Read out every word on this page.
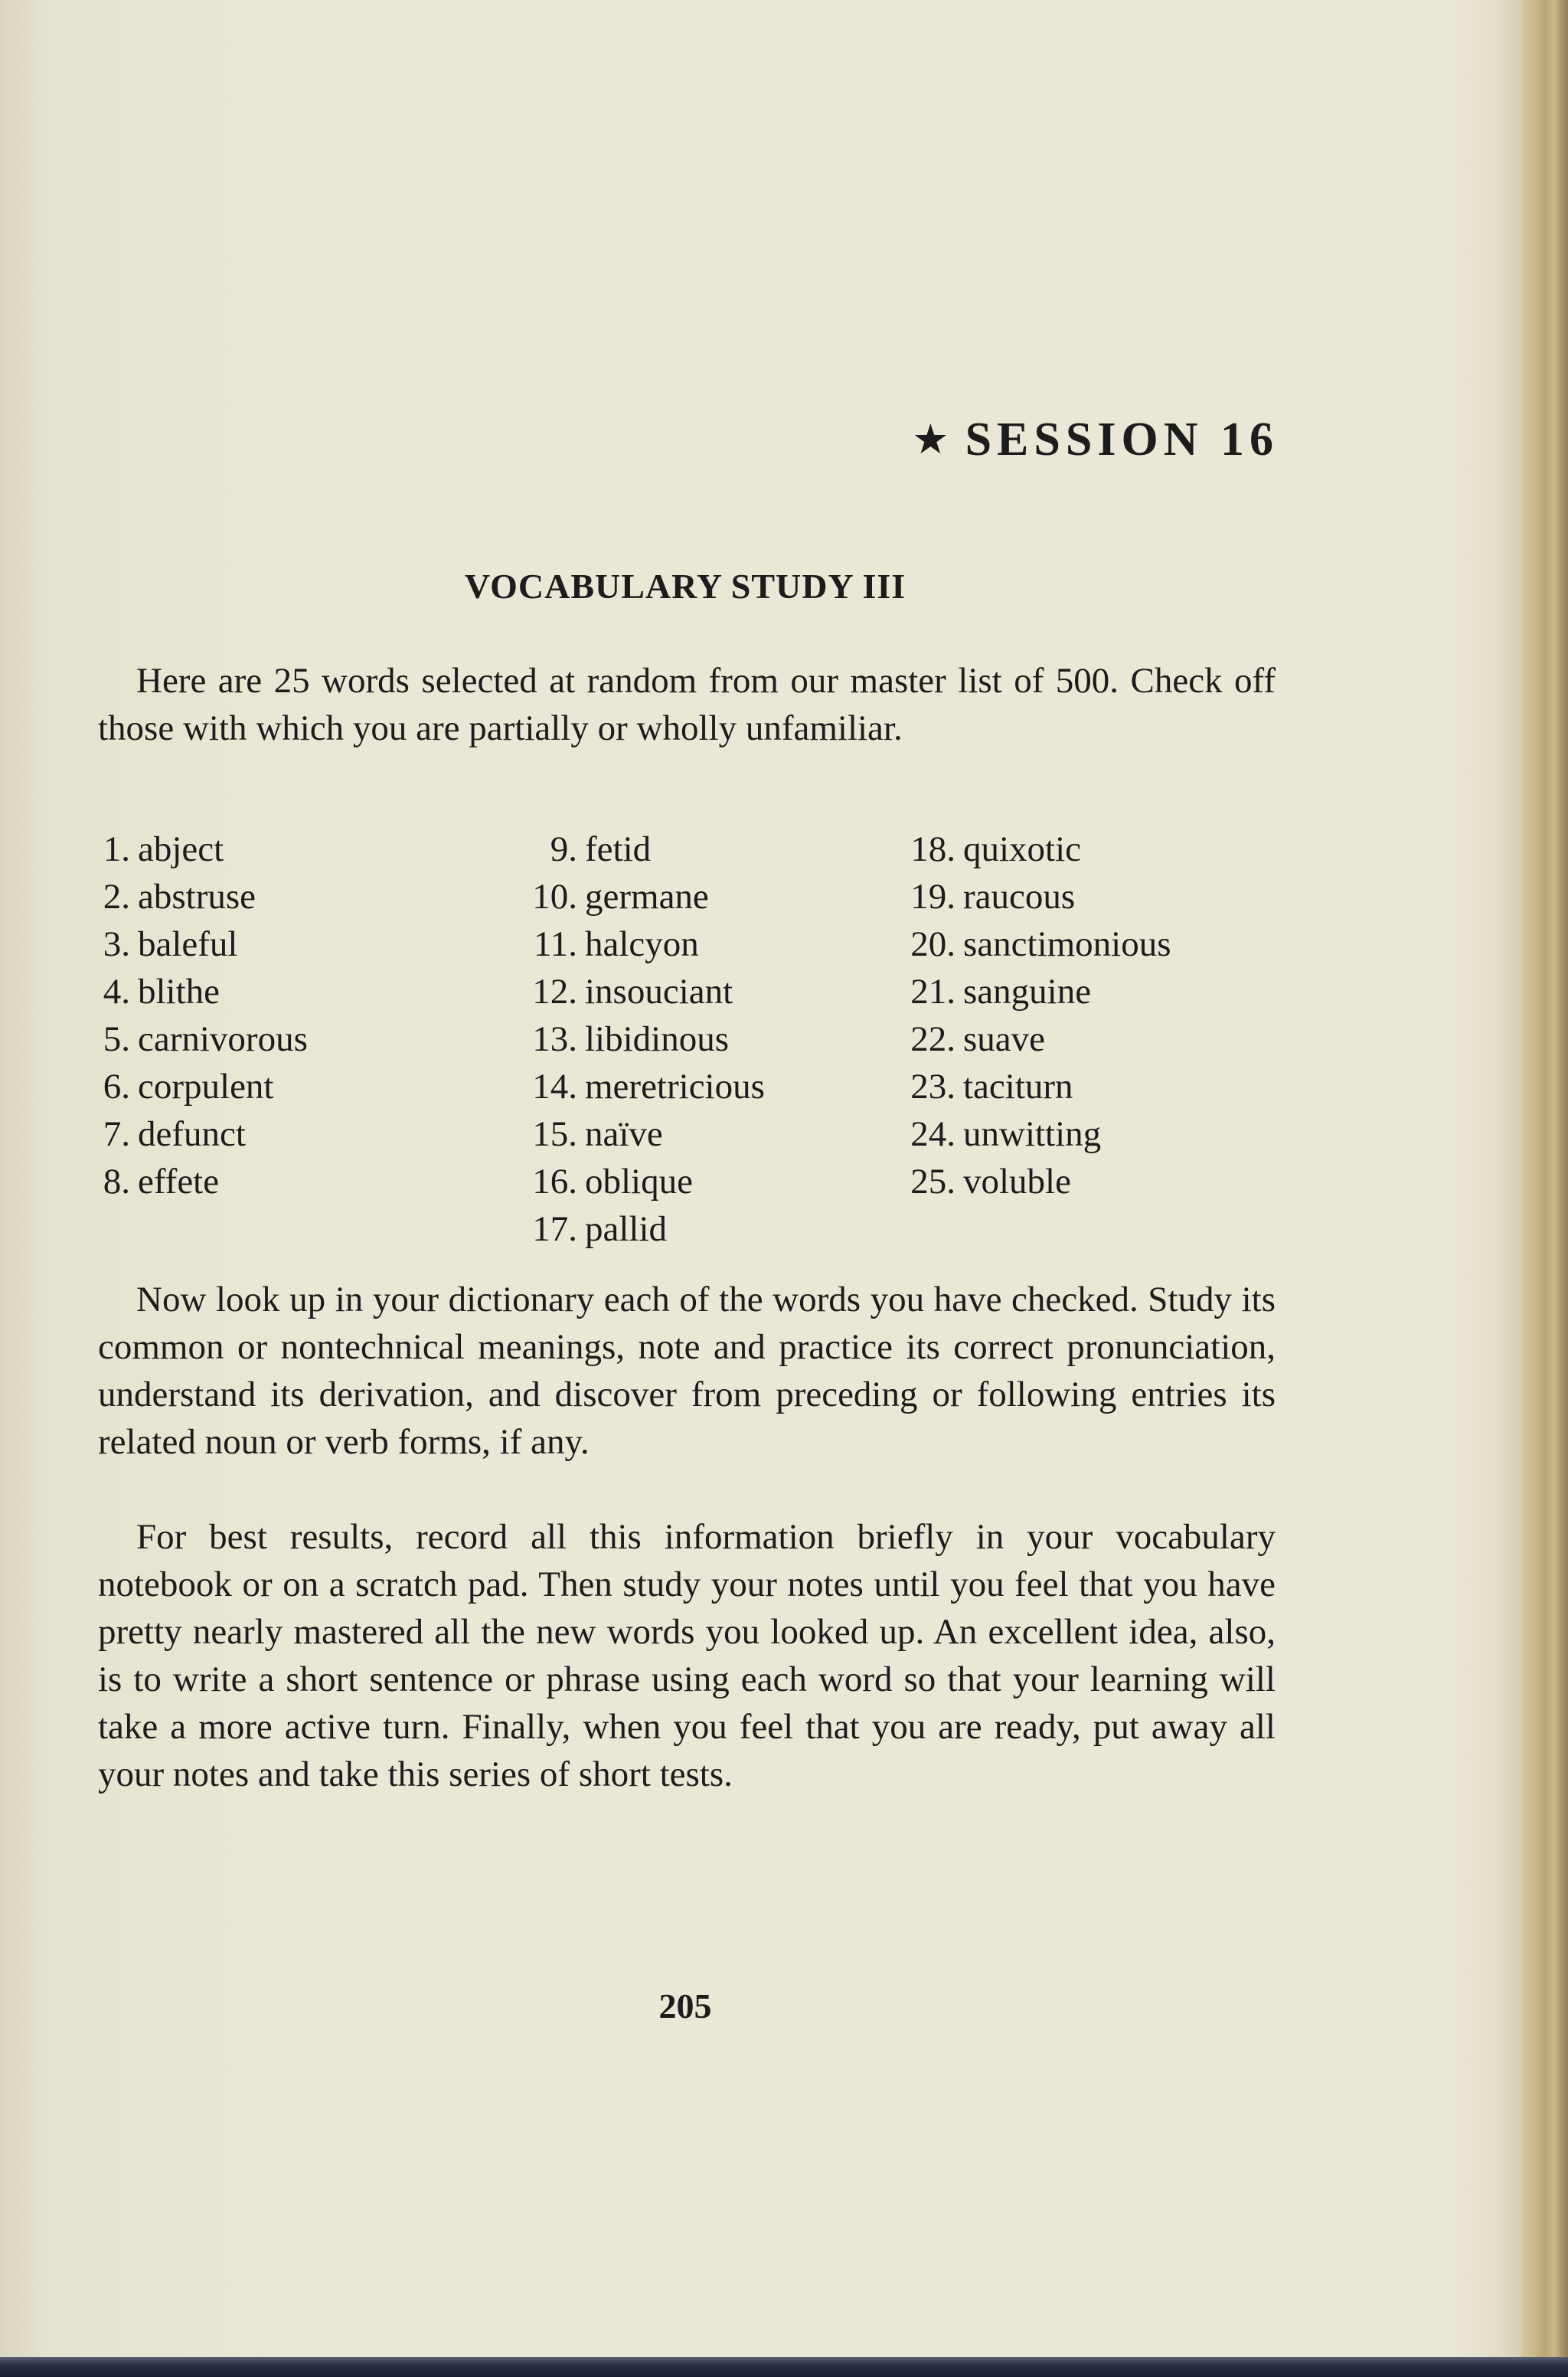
★ SESSION 16
VOCABULARY STUDY III

Here are 25 words selected at random from our master list of 500. Check off those with which you are partially or wholly unfamiliar.

1. abject
2. abstruse
3. baleful
4. blithe
5. carnivorous
6. corpulent
7. defunct
8. effete
9. fetid
10. germane
11. halcyon
12. insouciant
13. libidinous
14. meretricious
15. naïve
16. oblique
17. pallid
18. quixotic
19. raucous
20. sanctimonious
21. sanguine
22. suave
23. taciturn
24. unwitting
25. voluble

Now look up in your dictionary each of the words you have checked. Study its common or nontechnical meanings, note and practice its correct pronunciation, understand its derivation, and discover from preceding or following entries its related noun or verb forms, if any.

For best results, record all this information briefly in your vocabulary notebook or on a scratch pad. Then study your notes until you feel that you have pretty nearly mastered all the new words you looked up. An excellent idea, also, is to write a short sentence or phrase using each word so that your learning will take a more active turn. Finally, when you feel that you are ready, put away all your notes and take this series of short tests.

205
